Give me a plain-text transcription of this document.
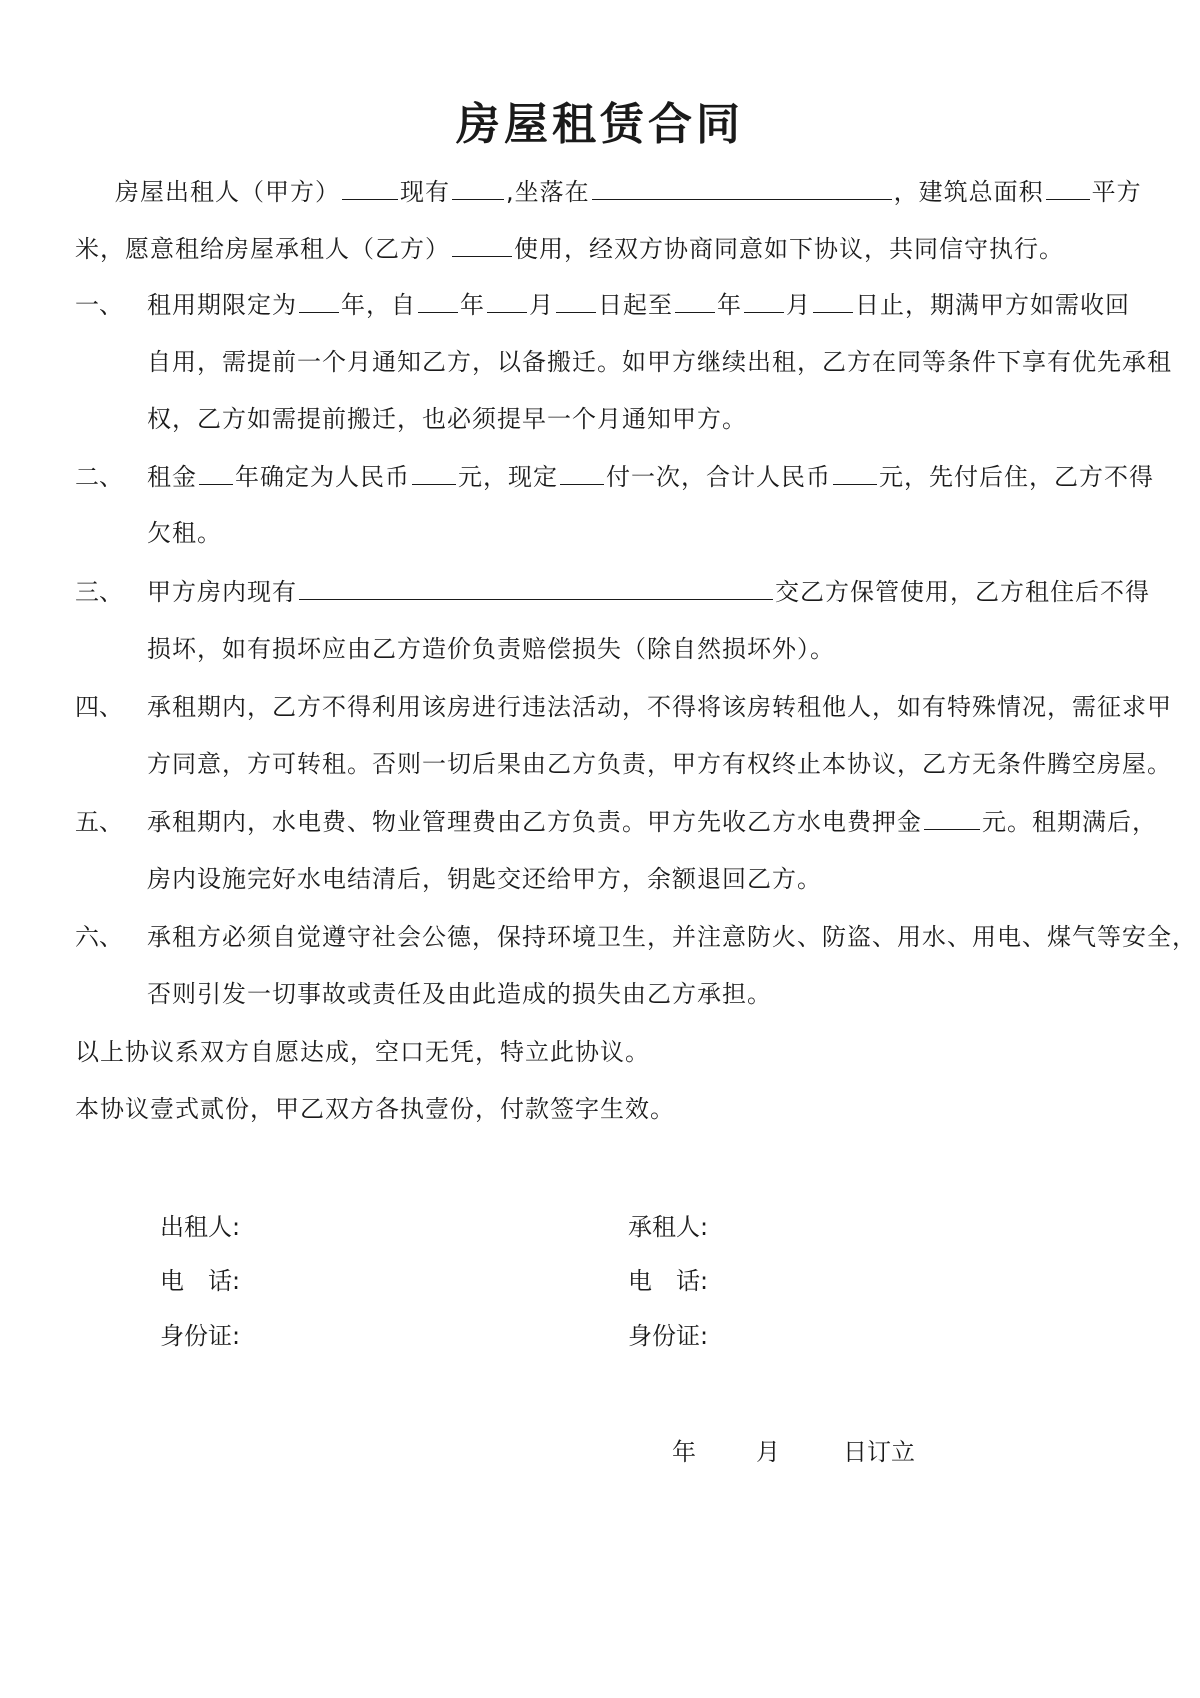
房屋租赁合同
房屋出租人（甲方）	现有 ,坐落在	，建筑总面积 平方
米，愿意租给房屋承租人（乙方）	使用，经双方协商同意如下协议，共同信守执行。
一、 租用期限定为 年，自 年 月 日起至 年 月 日止，期满甲方如需收回
自用，需提前一个月通知乙方，以备搬迁。如甲方继续出租，乙方在同等条件下享有优先承租
权，乙方如需提前搬迁，也必须提早一个月通知甲方。
二、 租金 年确定为人民币 元，现定 付一次，合计人民币 元，先付后住，乙方不得
欠租。
三、 甲方房内现有	交乙方保管使用，乙方租住后不得
损坏，如有损坏应由乙方造价负责赔偿损失（除自然损坏外）。
四、 承租期内，乙方不得利用该房进行违法活动，不得将该房转租他人，如有特殊情况，需征求甲
方同意，方可转租。否则一切后果由乙方负责，甲方有权终止本协议，乙方无条件腾空房屋。
五、 承租期内，水电费、物业管理费由乙方负责。甲方先收乙方水电费押金	元。租期满后，
房内设施完好水电结清后，钥匙交还给甲方，余额退回乙方。
六、 承租方必须自觉遵守社会公德，保持环境卫生，并注意防火、防盗、用水、用电、煤气等安全，
否则引发一切事故或责任及由此造成的损失由乙方承担。
以上协议系双方自愿达成，空口无凭，特立此协议。
本协议壹式贰份，甲乙双方各执壹份，付款签字生效。
出租人:	承租人:
电　话:	电　话:
身份证:	身份证:
年	月	日订立
